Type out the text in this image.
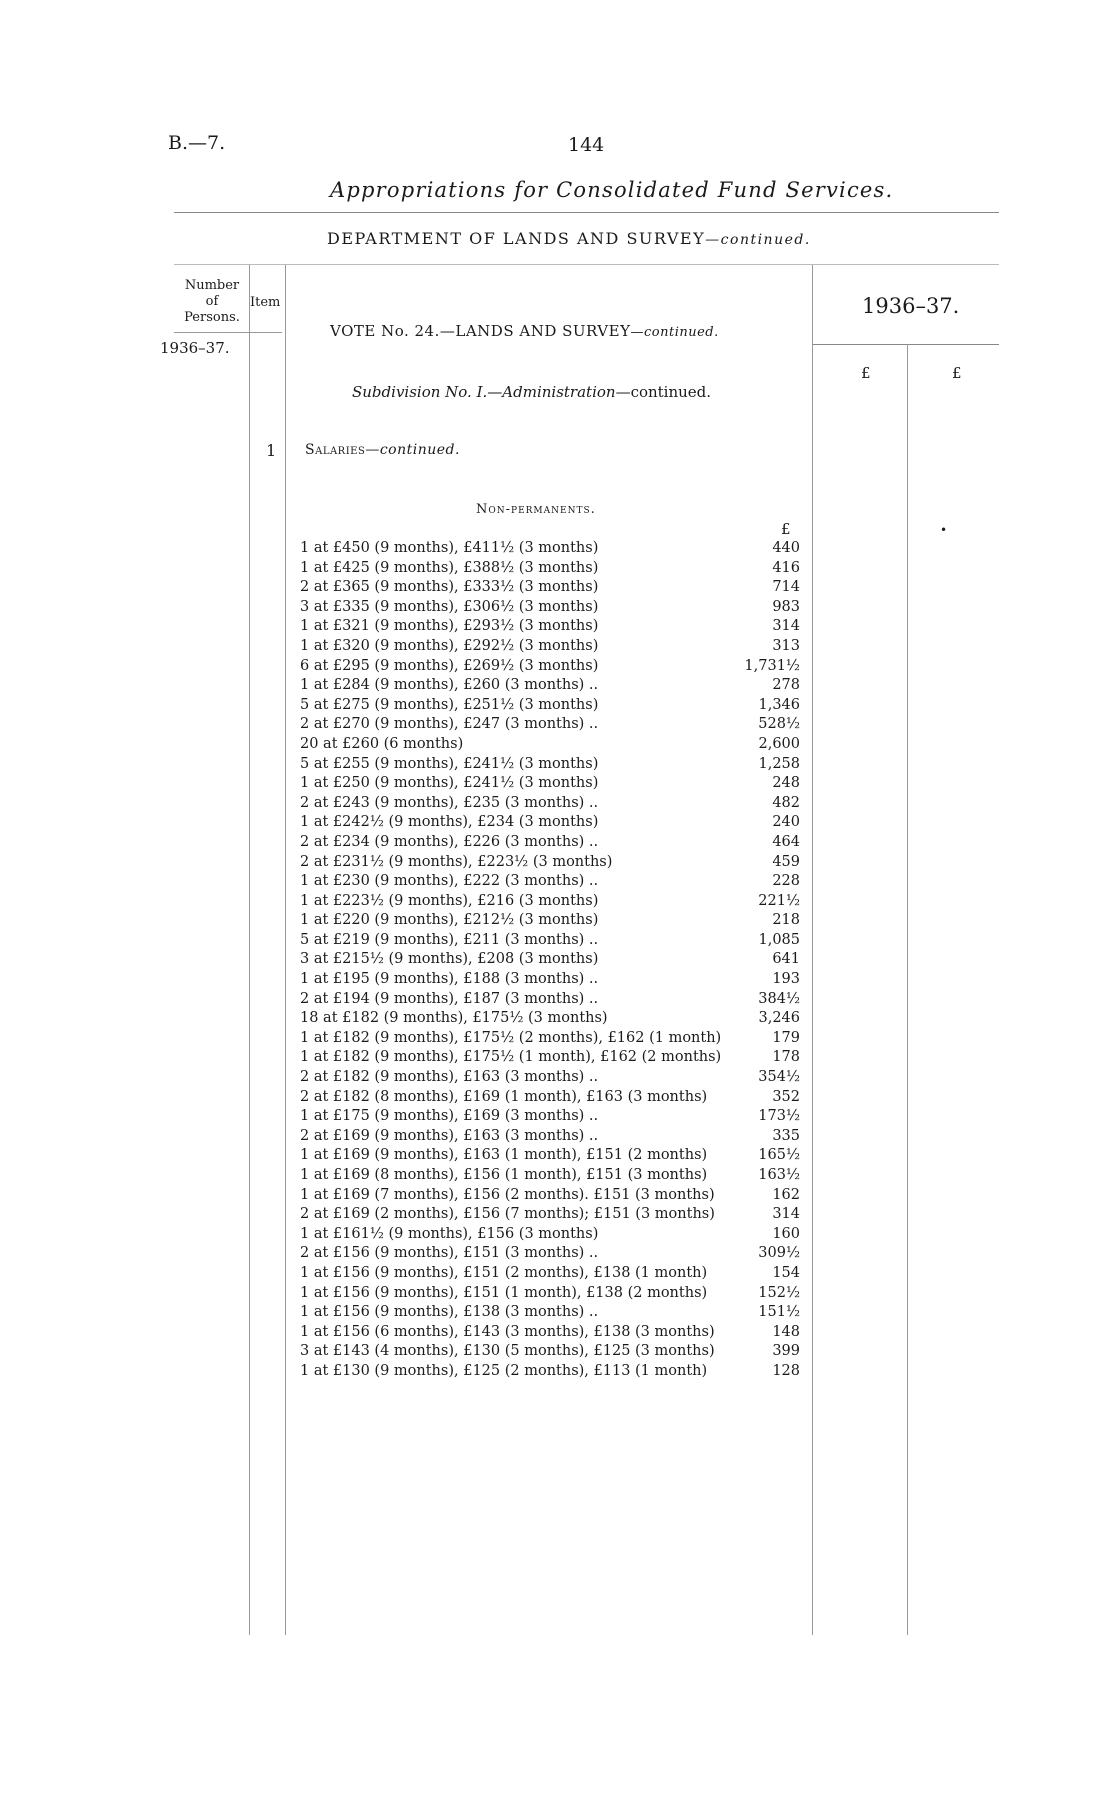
B.—7.	144
Appropriations for Consolidated Fund Services.
DEPARTMENT OF LANDS AND SURVEY—continued.
Number of Persons.
Item
1936–37.
1936–37.
£	£
VOTE No. 24.—LANDS AND SURVEY—continued.
Subdivision No. I.—Administration—continued.
1 Salaries—continued.
Non-permanents.
£	•
1 at £450 (9 months), £411½ (3 months)	440
1 at £425 (9 months), £388½ (3 months)	416
2 at £365 (9 months), £333½ (3 months)	714
3 at £335 (9 months), £306½ (3 months)	983
1 at £321 (9 months), £293½ (3 months)	314
1 at £320 (9 months), £292½ (3 months)	313
6 at £295 (9 months), £269½ (3 months)	1,731½
1 at £284 (9 months), £260 (3 months) ..	278
5 at £275 (9 months), £251½ (3 months)	1,346
2 at £270 (9 months), £247 (3 months) ..	528½
20 at £260 (6 months)	2,600
5 at £255 (9 months), £241½ (3 months)	1,258
1 at £250 (9 months), £241½ (3 months)	248
2 at £243 (9 months), £235 (3 months) ..	482
1 at £242½ (9 months), £234 (3 months)	240
2 at £234 (9 months), £226 (3 months) ..	464
2 at £231½ (9 months), £223½ (3 months)	459
1 at £230 (9 months), £222 (3 months) ..	228
1 at £223½ (9 months), £216 (3 months)	221½
1 at £220 (9 months), £212½ (3 months)	218
5 at £219 (9 months), £211 (3 months) ..	1,085
3 at £215½ (9 months), £208 (3 months)	641
1 at £195 (9 months), £188 (3 months) ..	193
2 at £194 (9 months), £187 (3 months) ..	384½
18 at £182 (9 months), £175½ (3 months)	3,246
1 at £182 (9 months), £175½ (2 months), £162 (1 month)	179
1 at £182 (9 months), £175½ (1 month), £162 (2 months)	178
2 at £182 (9 months), £163 (3 months) ..	354½
2 at £182 (8 months), £169 (1 month), £163 (3 months)	352
1 at £175 (9 months), £169 (3 months) ..	173½
2 at £169 (9 months), £163 (3 months) ..	335
1 at £169 (9 months), £163 (1 month), £151 (2 months)	165½
1 at £169 (8 months), £156 (1 month), £151 (3 months)	163½
1 at £169 (7 months), £156 (2 months). £151 (3 months)	162
2 at £169 (2 months), £156 (7 months); £151 (3 months)	314
1 at £161½ (9 months), £156 (3 months)	160
2 at £156 (9 months), £151 (3 months) ..	309½
1 at £156 (9 months), £151 (2 months), £138 (1 month)	154
1 at £156 (9 months), £151 (1 month), £138 (2 months)	152½
1 at £156 (9 months), £138 (3 months) ..	151½
1 at £156 (6 months), £143 (3 months), £138 (3 months)	148
3 at £143 (4 months), £130 (5 months), £125 (3 months)	399
1 at £130 (9 months), £125 (2 months), £113 (1 month)	128
